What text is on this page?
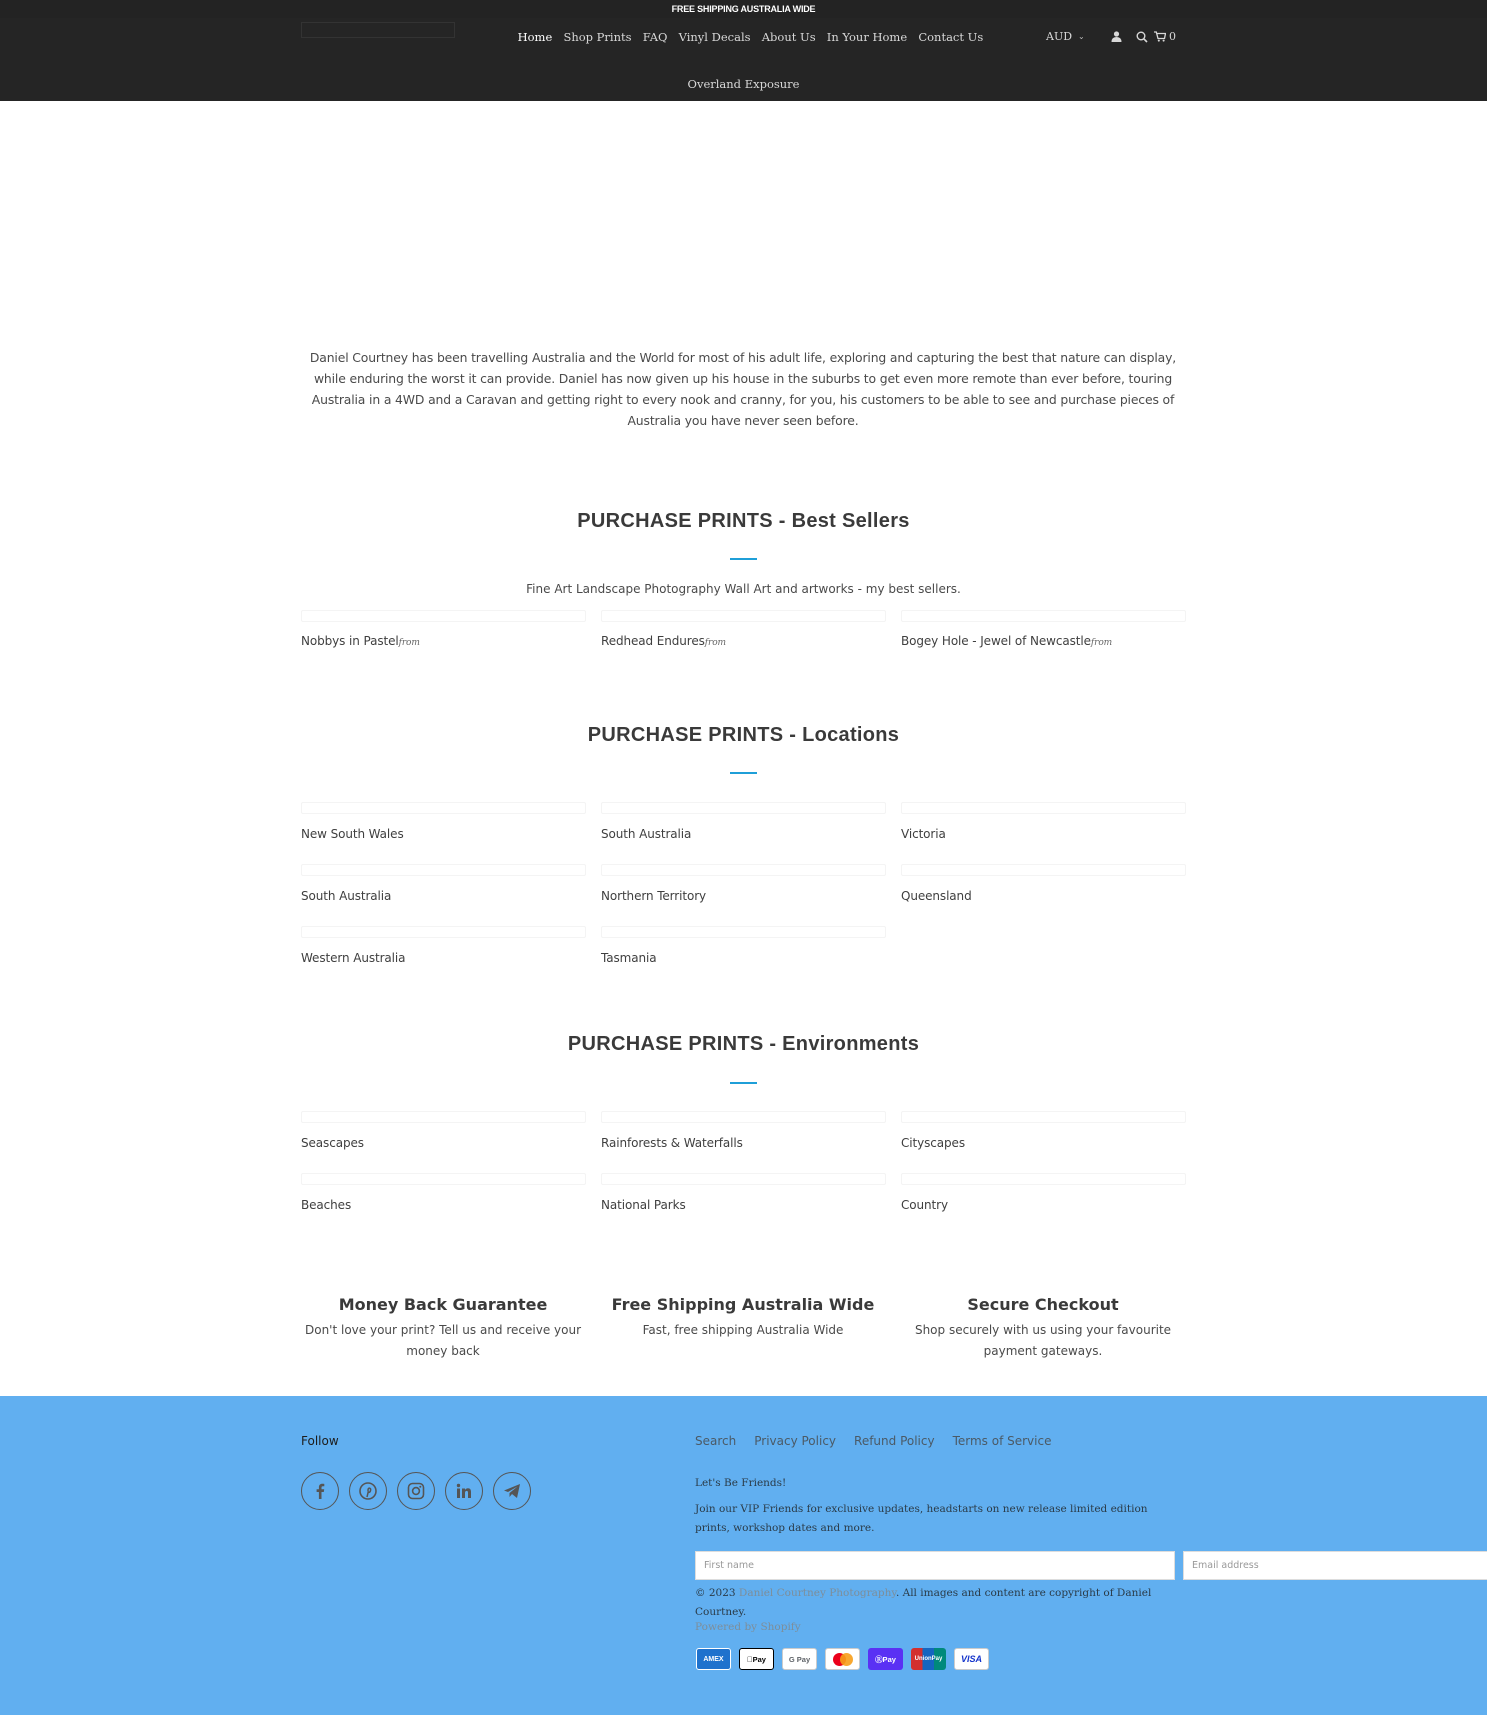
FREE SHIPPING AUSTRALIA WIDE
Home Shop Prints FAQ Vinyl Decals About Us In Your Home Contact Us
Overland Exposure
AUD ⌄	0

Daniel Courtney has been travelling Australia and the World for most of his adult life, exploring and capturing the best that nature can display, while enduring the worst it can provide. Daniel has now given up his house in the suburbs to get even more remote than ever before, touring Australia in a 4WD and a Caravan and getting right to every nook and cranny, for you, his customers to be able to see and purchase pieces of Australia you have never seen before.

PURCHASE PRINTS - Best Sellers

Fine Art Landscape Photography Wall Art and artworks - my best sellers.

Nobbys in Pastelfrom	Redhead Enduresfrom	Bogey Hole - Jewel of Newcastlefrom
PURCHASE PRINTS - Locations
New South Wales	South Australia	Victoria
South Australia	Northern Territory	Queensland
Western Australia	Tasmania
PURCHASE PRINTS - Environments
Seascapes	Rainforests & Waterfalls	Cityscapes
Beaches	National Parks	Country
Money Back Guarantee

Don't love your print? Tell us and receive your money back

Free Shipping Australia Wide

Fast, free shipping Australia Wide

Secure Checkout

Shop securely with us using your favourite payment gateways.

Follow	Search Privacy Policy Refund Policy Terms of Service
Let's Be Friends!

Join our VIP Friends for exclusive updates, headstarts on new release limited edition prints, workshop dates and more.

First name	Email address

© 2023 Daniel Courtney Photography. All images and content are copyright of Daniel Courtney.

Powered by Shopify
AMEX	Pay	G Pay	ⓇPay	UnionPay	VISA
